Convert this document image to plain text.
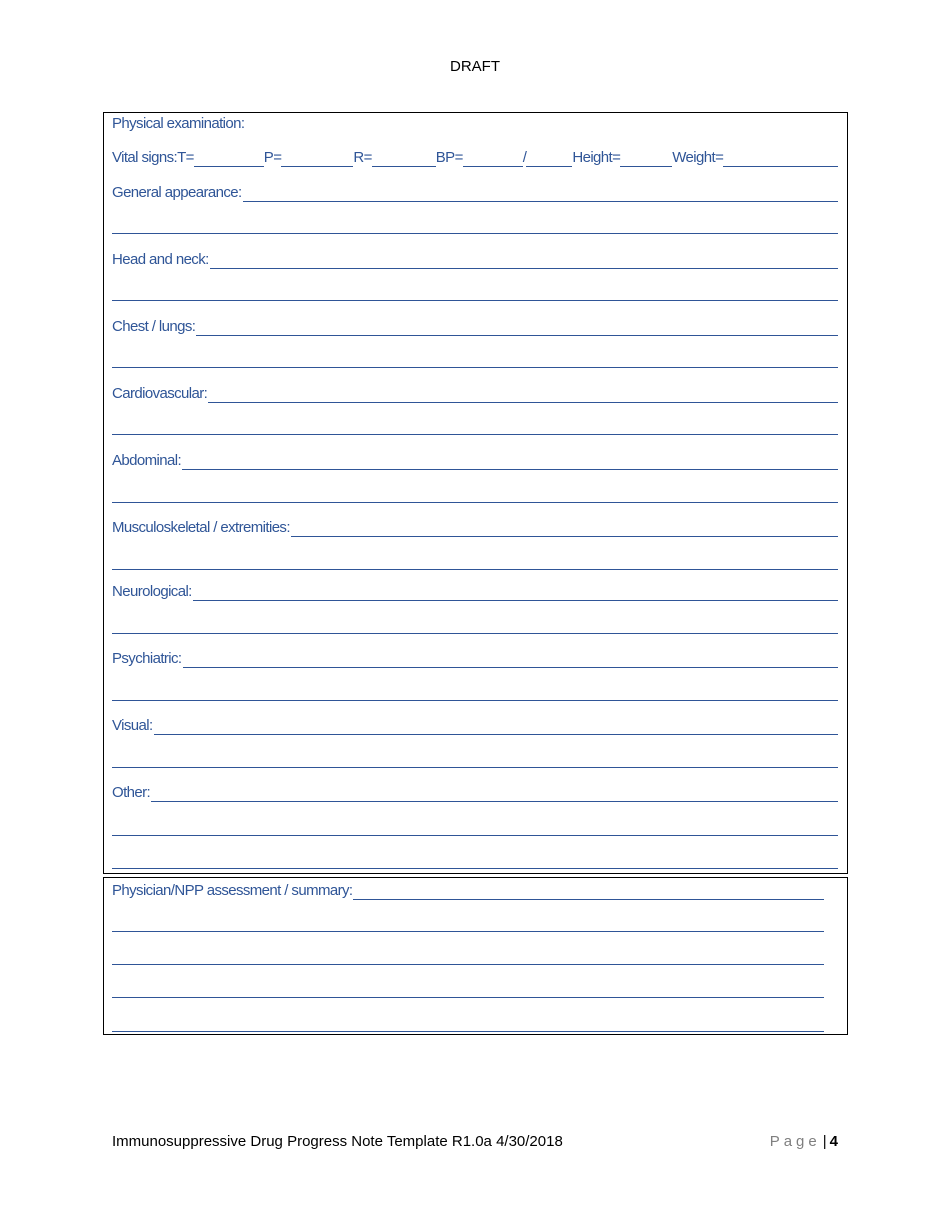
DRAFT
Physical examination:
Vital signs: T=	P=	R=	BP=	/	Height=	Weight=
General appearance:
Head and neck:
Chest / lungs:
Cardiovascular:
Abdominal:
Musculoskeletal / extremities:
Neurological:
Psychiatric:
Visual:
Other:
Physician/NPP assessment / summary:
Immunosuppressive Drug Progress Note Template R1.0a 4/30/2018	Page | 4
